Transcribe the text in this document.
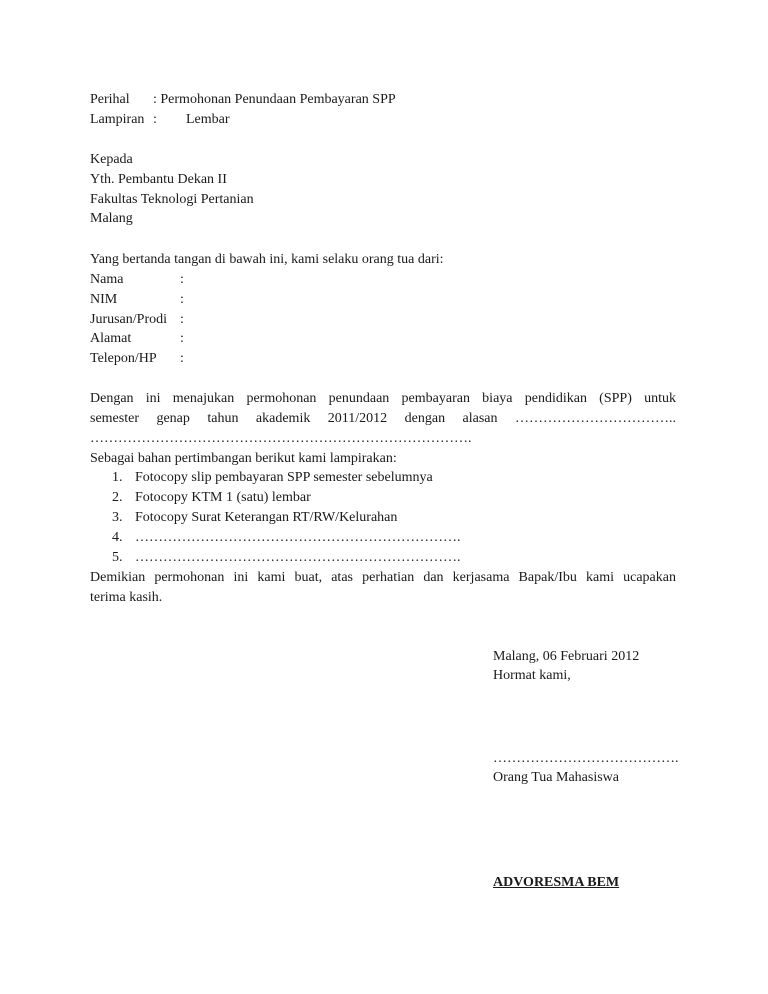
Perihal : Permohonan Penundaan Pembayaran SPP
Lampiran : Lembar
Kepada
Yth. Pembantu Dekan II
Fakultas Teknologi Pertanian
Malang
Yang bertanda tangan di bawah ini, kami selaku orang tua dari:
Nama	:
NIM	:
Jurusan/Prodi :
Alamat	:
Telepon/HP :
Dengan ini menajukan permohonan penundaan pembayaran biaya pendidikan (SPP) untuk
semester genap tahun akademik 2011/2012 dengan alasan ……………………………..
……………………………………………………………………….
Sebagai bahan pertimbangan berikut kami lampirakan:
1. Fotocopy slip pembayaran SPP semester sebelumnya
2. Fotocopy KTM 1 (satu) lembar
3. Fotocopy Surat Keterangan RT/RW/Kelurahan
4. …………………………………………………………….
5. …………………………………………………………….
Demikian permohonan ini kami buat, atas perhatian dan kerjasama Bapak/Ibu kami ucapakan
terima kasih.
Malang, 06 Februari 2012
Hormat kami,
………………………………….
Orang Tua Mahasiswa
ADVORESMA BEM
